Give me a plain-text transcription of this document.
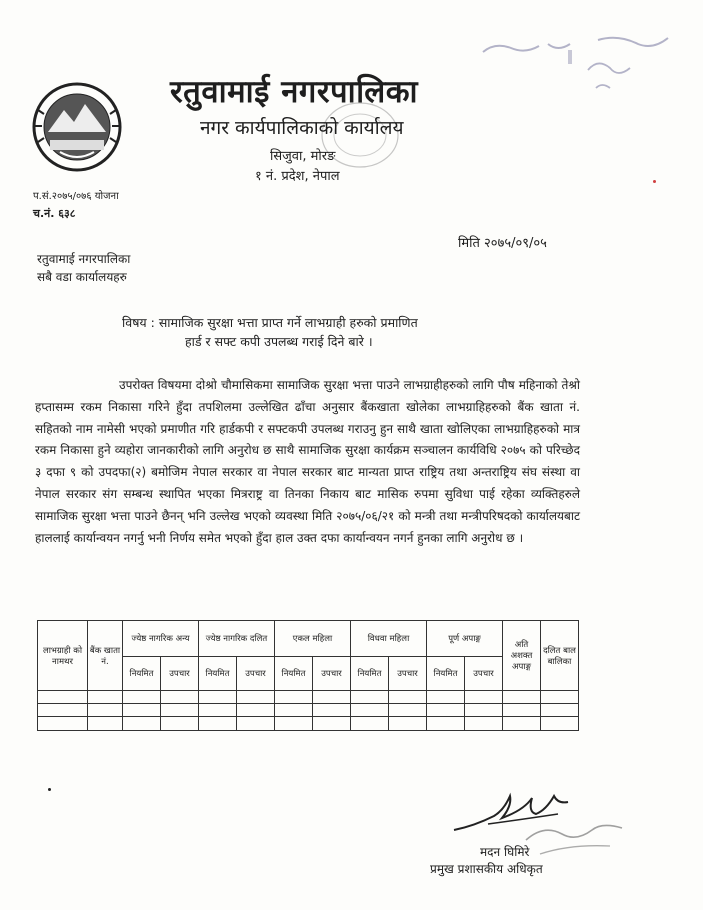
रतुवामाई नगरपालिका
नगर कार्यपालिकाको कार्यालय
सिजुवा, मोरङ
१ नं. प्रदेश, नेपाल
प.सं.२०७५/०७६ योजना
च.नं. ६३८
मिति २०७५/०९/०५
रतुवामाई नगरपालिका
सबै वडा कार्यालयहरु
विषय : सामाजिक सुरक्षा भत्ता प्राप्त गर्ने लाभग्राही हरुको प्रमाणित
हार्ड र सफ्ट कपी उपलब्ध गराई दिने बारे ।

उपरोक्त विषयमा दोश्रो चौमासिकमा सामाजिक सुरक्षा भत्ता पाउने लाभग्राहीहरुको लागि पौष महिनाको तेश्रो हप्तासम्म रकम निकासा गरिने हुँदा तपशिलमा उल्लेखित ढाँचा अनुसार बैंकखाता खोलेका लाभग्राहिहरुको बैंक खाता नं. सहितको नाम नामेसी भएको प्रमाणीत गरि हार्डकपी र सफ्टकपी उपलब्ध गराउनु हुन साथै खाता खोलिएका लाभग्राहिहरुको मात्र रकम निकासा हुने व्यहोरा जानकारीको लागि अनुरोध छ साथै सामाजिक सुरक्षा कार्यक्रम सञ्चालन कार्यविधि २०७५ को परिच्छेद ३ दफा ९ को उपदफा(२) बमोजिम नेपाल सरकार वा नेपाल सरकार बाट मान्यता प्राप्त राष्ट्रिय तथा अन्तराष्ट्रिय संघ संस्था वा नेपाल सरकार संग सम्बन्ध स्थापित भएका मित्रराष्ट्र वा तिनका निकाय बाट मासिक रुपमा सुविधा पाई रहेका व्यक्तिहरुले सामाजिक सुरक्षा भत्ता पाउने छैनन् भनि उल्लेख भएको व्यवस्था मिति २०७५/०६/२१ को मन्त्री तथा मन्त्रीपरिषदको कार्यालयबाट हाललाई कार्यान्वयन नगर्नु भनी निर्णय समेत भएको हुँदा हाल उक्त दफा कार्यान्वयन नगर्न हुनका लागि अनुरोध छ ।

लाभग्राही को नामथर	बैंक खाता नं.	ज्येष्ठ नागरिक अन्य		ज्येष्ठ नागरिक दलित		एकल महिला		विधवा महिला		पूर्ण अपाङ्ग		अति अशक्त अपाङ्ग	दलित बाल बालिका
		नियमित	उपचार	नियमित	उपचार	नियमित	उपचार	नियमित	उपचार	नियमित	उपचार		

मदन घिमिरे
प्रमुख प्रशासकीय अधिकृत
